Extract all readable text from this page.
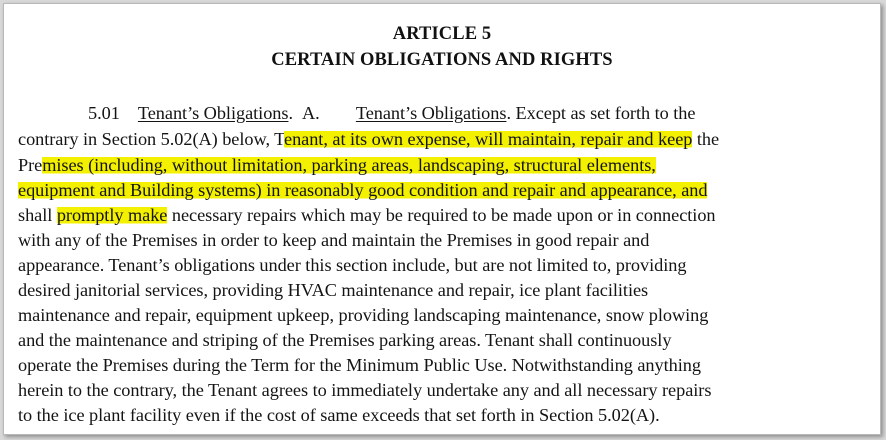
ARTICLE 5
CERTAIN OBLIGATIONS AND RIGHTS
5.01 Tenant’s Obligations.  A. Tenant’s Obligations. Except as set forth to the
contrary in Section 5.02(A) below, Tenant, at its own expense, will maintain, repair and keep the
Premises (including, without limitation, parking areas, landscaping, structural elements,
equipment and Building systems) in reasonably good condition and repair and appearance, and
shall promptly make necessary repairs which may be required to be made upon or in connection
with any of the Premises in order to keep and maintain the Premises in good repair and
appearance. Tenant’s obligations under this section include, but are not limited to, providing
desired janitorial services, providing HVAC maintenance and repair, ice plant facilities
maintenance and repair, equipment upkeep, providing landscaping maintenance, snow plowing
and the maintenance and striping of the Premises parking areas. Tenant shall continuously
operate the Premises during the Term for the Minimum Public Use. Notwithstanding anything
herein to the contrary, the Tenant agrees to immediately undertake any and all necessary repairs
to the ice plant facility even if the cost of same exceeds that set forth in Section 5.02(A).
